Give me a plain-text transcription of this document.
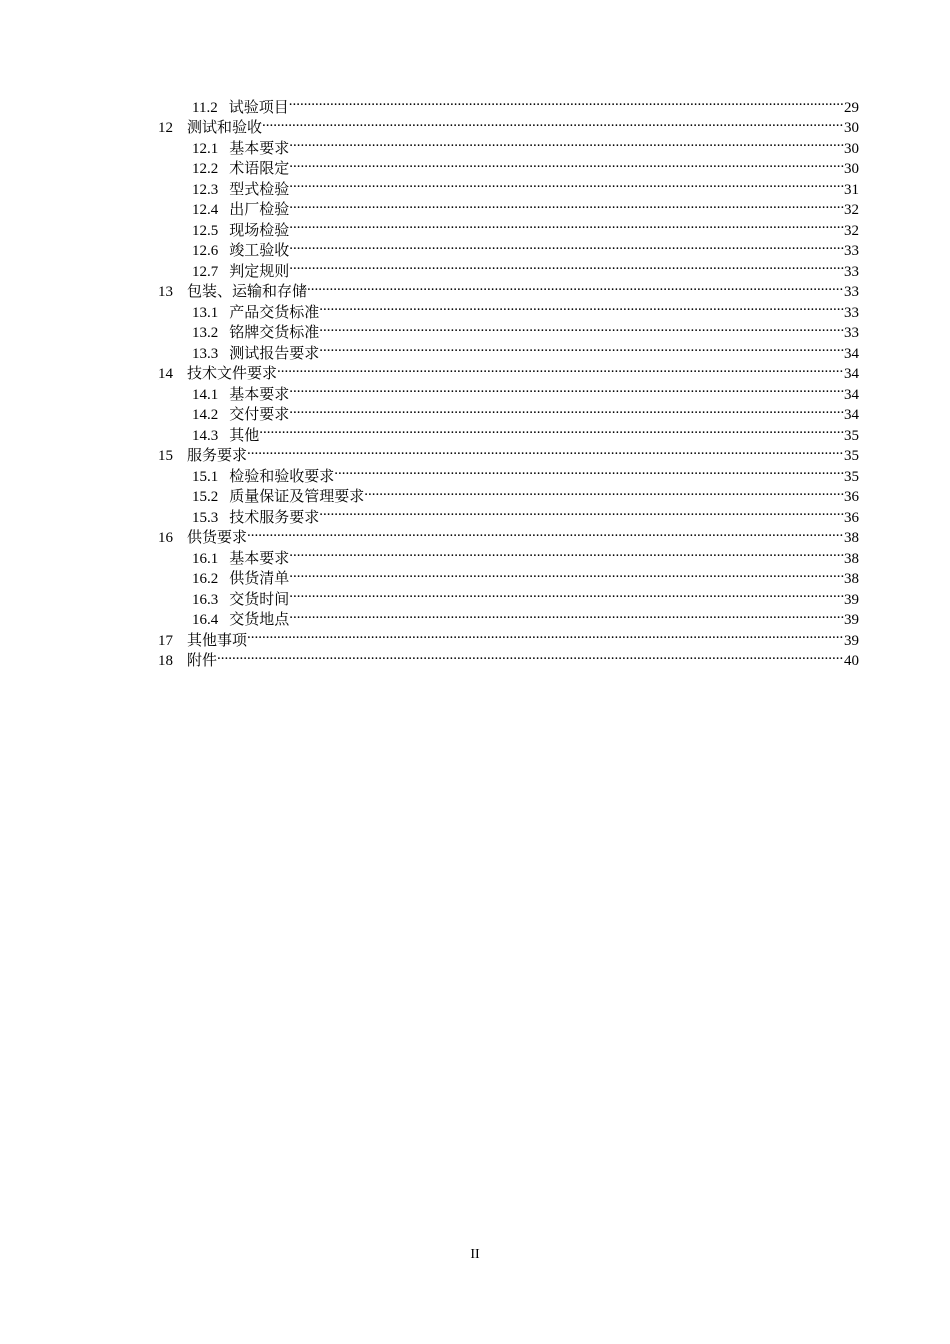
11.2 试验项目 .....	29
12 测试和验收 .....	30
12.1 基本要求 .....	30
12.2 术语限定 .....	30
12.3 型式检验 .....	31
12.4 出厂检验 .....	32
12.5 现场检验 .....	32
12.6 竣工验收 .....	33
12.7 判定规则 .....	33
13 包装、运输和存储 .....	33
13.1 产品交货标准 .....	33
13.2 铭牌交货标准 .....	33
13.3 测试报告要求 .....	34
14 技术文件要求 .....	34
14.1 基本要求 .....	34
14.2 交付要求 .....	34
14.3 其他 .....	35
15 服务要求 .....	35
15.1 检验和验收要求 .....	35
15.2 质量保证及管理要求 .....	36
15.3 技术服务要求 .....	36
16 供货要求 .....	38
16.1 基本要求 .....	38
16.2 供货清单 .....	38
16.3 交货时间 .....	39
16.4 交货地点 .....	39
17 其他事项 .....	39
18 附件 .....	40
II
